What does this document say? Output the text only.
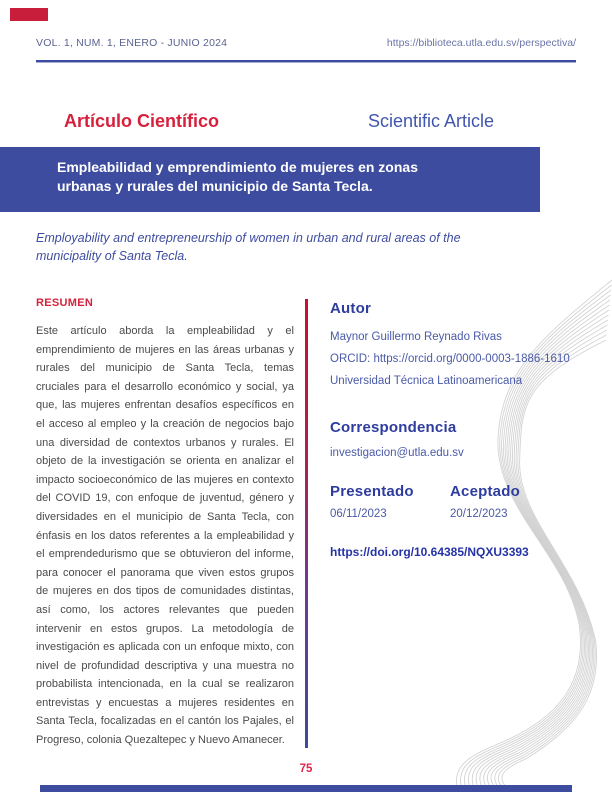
VOL. 1, NUM. 1, ENERO - JUNIO 2024	https://biblioteca.utla.edu.sv/perspectiva/
Artículo Científico	Scientific Article
Empleabilidad y emprendimiento de mujeres en zonas urbanas y rurales del municipio de Santa Tecla.
Employability and entrepreneurship of women in urban and rural areas of the municipality of Santa Tecla.
RESUMEN
Este artículo aborda la empleabilidad y el emprendimiento de mujeres en las áreas urbanas y rurales del municipio de Santa Tecla, temas cruciales para el desarrollo económico y social, ya que, las mujeres enfrentan desafíos específicos en el acceso al empleo y la creación de negocios bajo una diversidad de contextos urbanos y rurales. El objeto de la investigación se orienta en analizar el impacto socioeconómico de las mujeres en contexto del COVID 19, con enfoque de juventud, género y diversidades en el municipio de Santa Tecla, con énfasis en los datos referentes a la empleabilidad y el emprendedurismo que se obtuvieron del informe, para conocer el panorama que viven estos grupos de mujeres en dos tipos de comunidades distintas, así como, los actores relevantes que pueden intervenir en estos grupos. La metodología de investigación es aplicada con un enfoque mixto, con nivel de profundidad descriptiva y una muestra no probabilista intencionada, en la cual se realizaron entrevistas y encuestas a mujeres residentes en Santa Tecla, focalizadas en el cantón los Pajales, el Progreso, colonia Quezaltepec y Nuevo Amanecer.
Autor
Maynor Guillermo Reynado Rivas
ORCID: https://orcid.org/0000-0003-1886-1610
Universidad Técnica Latinoamericana
Correspondencia
investigacion@utla.edu.sv
Presentado Aceptado
06/11/2023	20/12/2023
https://doi.org/10.64385/NQXU3393
75
